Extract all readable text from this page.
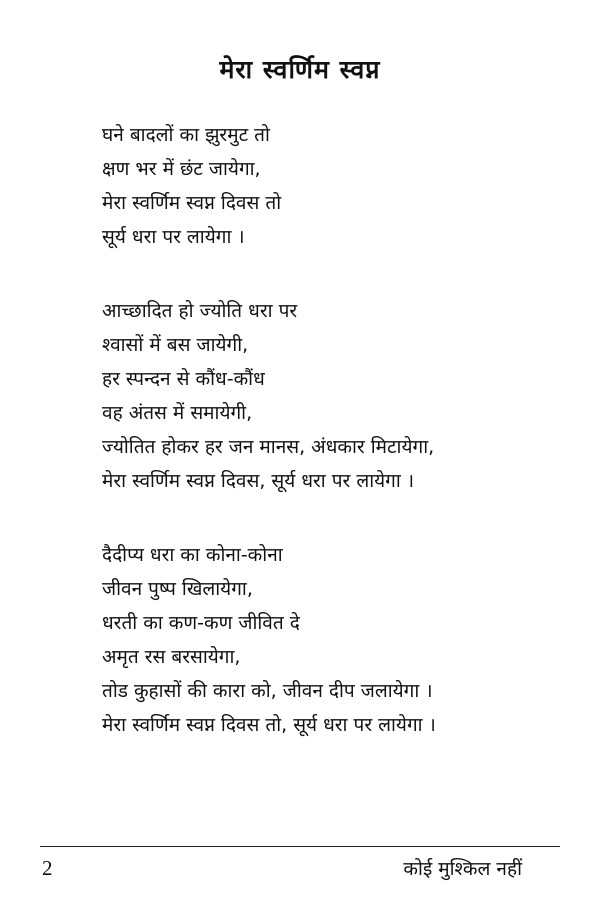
मेरा स्वर्णिम स्वप्न
घने बादलों का झुरमुट तो
क्षण भर में छंट जायेगा,
मेरा स्वर्णिम स्वप्न दिवस तो
सूर्य धरा पर लायेगा ।
आच्छादित हो ज्योति धरा पर
श्वासों में बस जायेगी,
हर स्पन्दन से कौंध-कौंध
वह अंतस में समायेगी,
ज्योतित होकर हर जन मानस, अंधकार मिटायेगा,
मेरा स्वर्णिम स्वप्न दिवस, सूर्य धरा पर लायेगा ।
दैदीप्य धरा का कोना-कोना
जीवन पुष्प खिलायेगा,
धरती का कण-कण जीवित दे
अमृत रस बरसायेगा,
तोड कुहासों की कारा को, जीवन दीप जलायेगा ।
मेरा स्वर्णिम स्वप्न दिवस तो, सूर्य धरा पर लायेगा ।
2	कोई मुश्किल नहीं
